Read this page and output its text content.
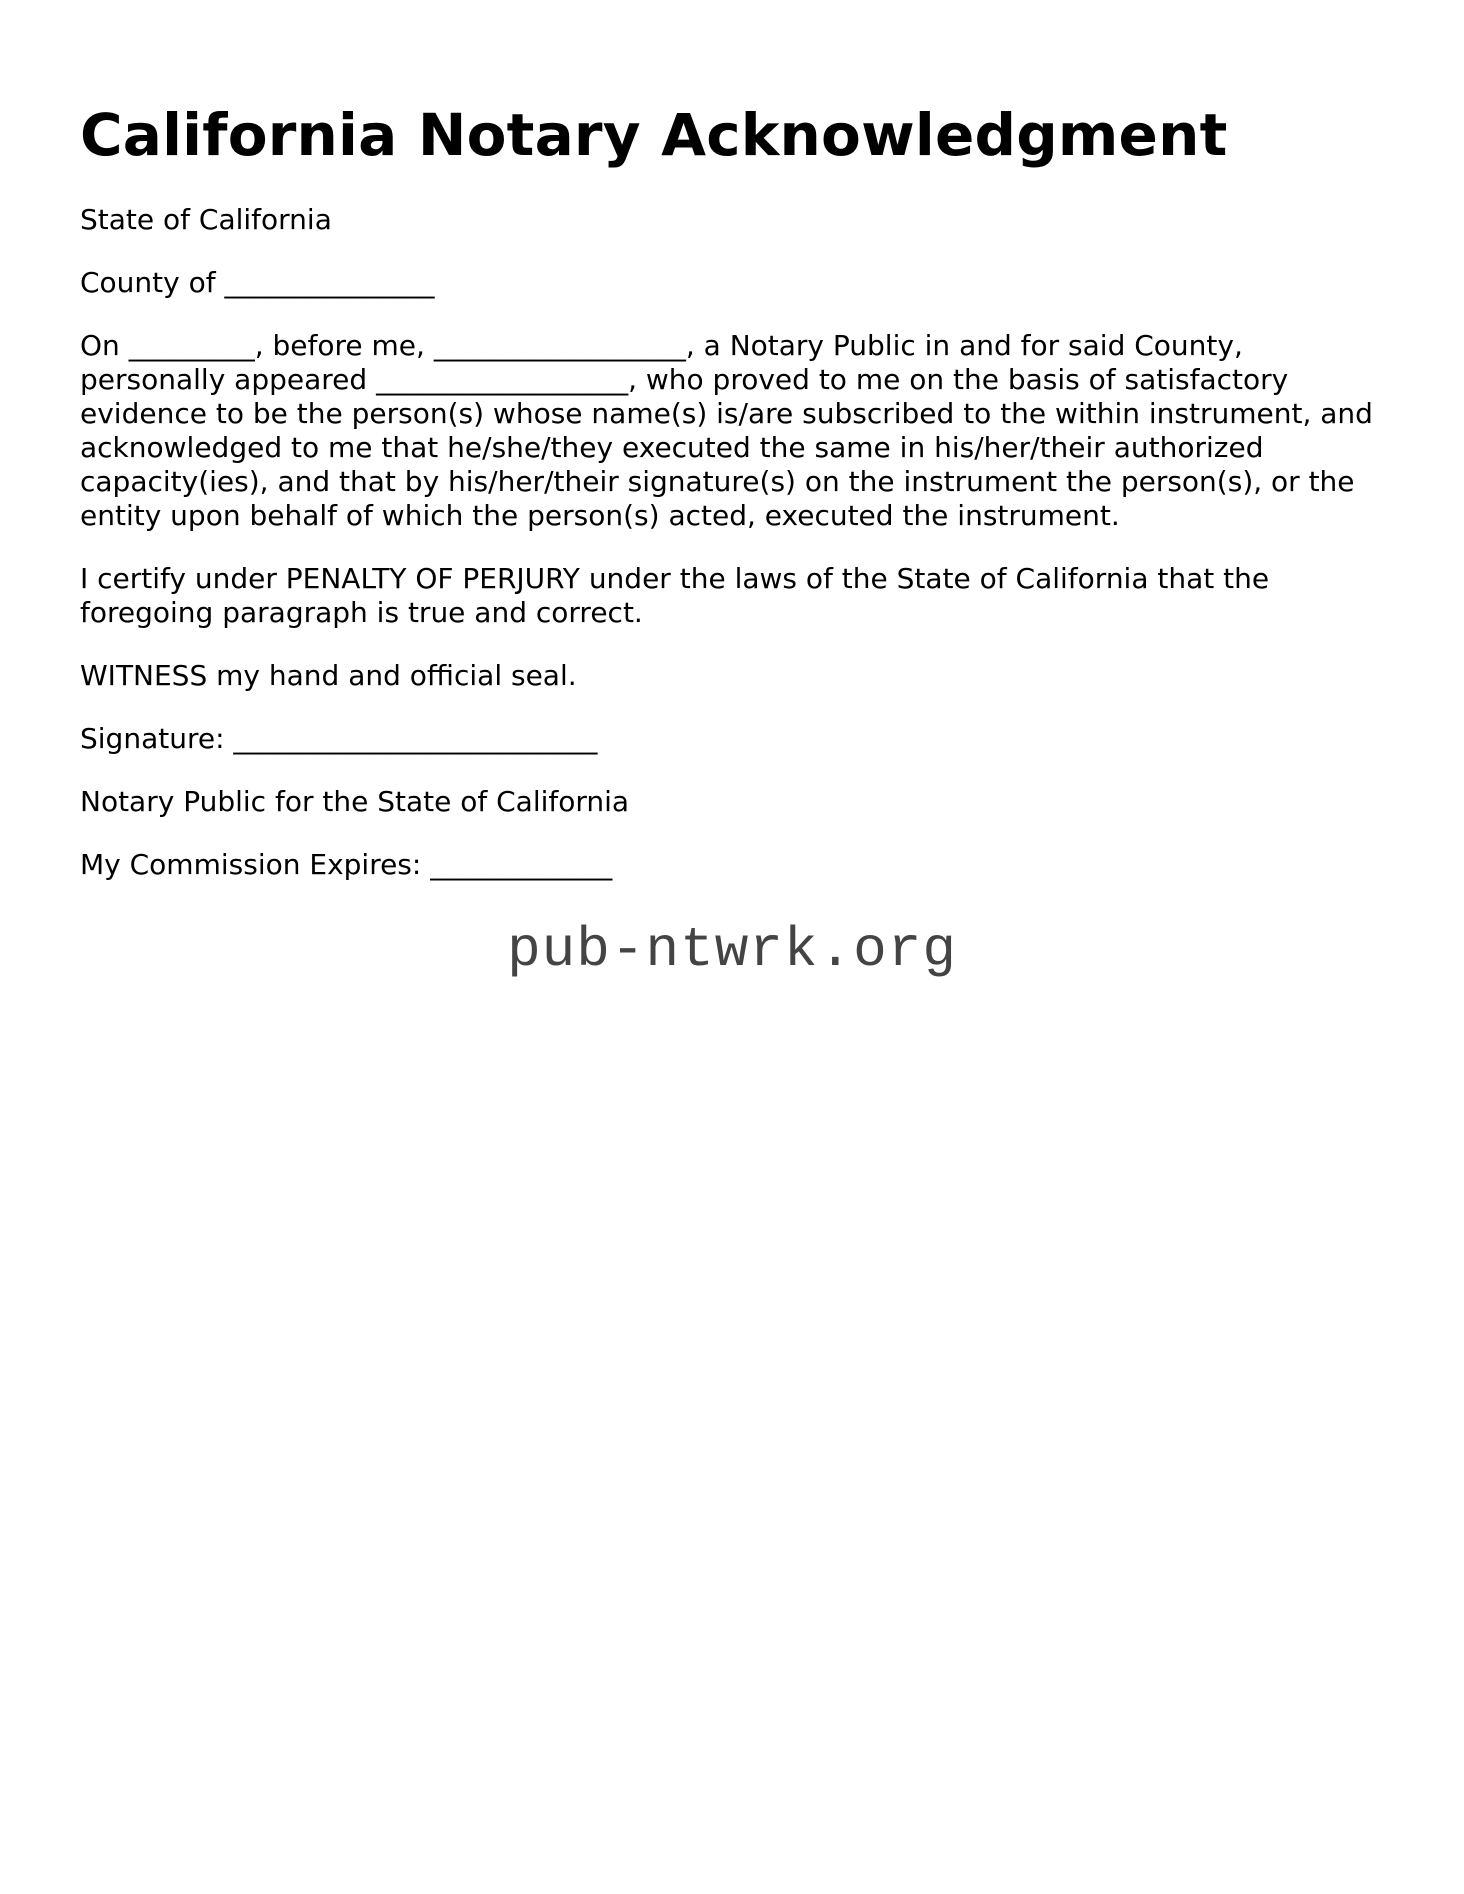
California Notary Acknowledgment

State of California

County of _______________

On _________, before me, __________________, a Notary Public in and for said County, personally appeared __________________, who proved to me on the basis of satisfactory evidence to be the person(s) whose name(s) is/are subscribed to the within instrument, and acknowledged to me that he/she/they executed the same in his/her/their authorized capacity(ies), and that by his/her/their signature(s) on the instrument the person(s), or the entity upon behalf of which the person(s) acted, executed the instrument.

I certify under PENALTY OF PERJURY under the laws of the State of California that the foregoing paragraph is true and correct.

WITNESS my hand and official seal.

Signature: __________________________

Notary Public for the State of California

My Commission Expires: _____________

pub-ntwrk.org
